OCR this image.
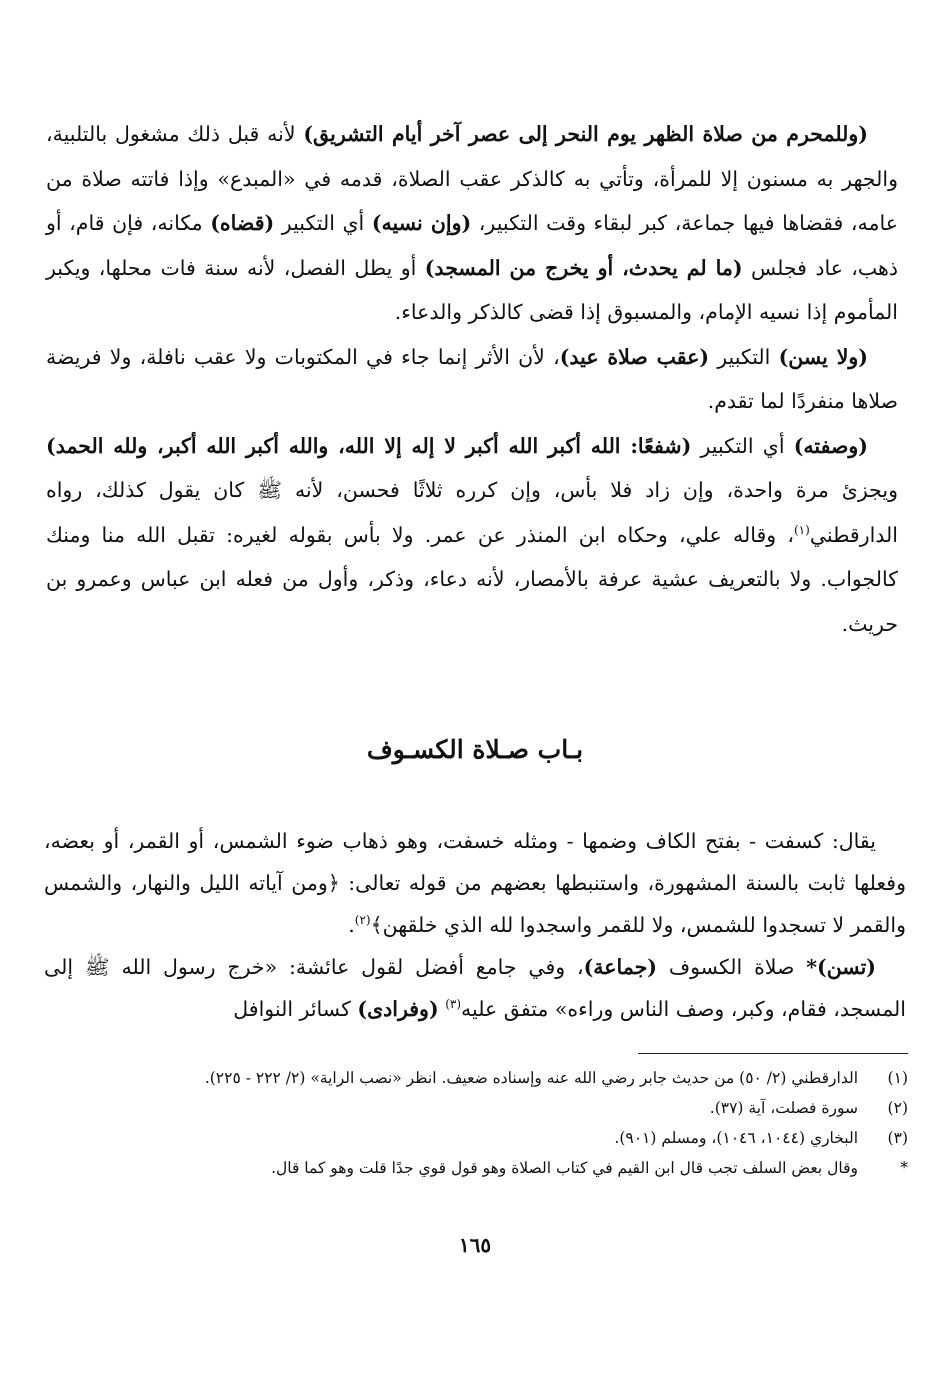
(وللمحرم من صلاة الظهر يوم النحر إلى عصر آخر أيام التشريق) لأنه قبل ذلك مشغول بالتلبية، والجهر به مسنون إلا للمرأة، وتأتي به كالذكر عقب الصلاة، قدمه في «المبدع» وإذا فاتته صلاة من عامه، فقضاها فيها جماعة، كبر لبقاء وقت التكبير، (وإن نسيه) أي التكبير (قضاه) مكانه، فإن قام، أو ذهب، عاد فجلس (ما لم يحدث، أو يخرج من المسجد) أو يطل الفصل، لأنه سنة فات محلها، ويكبر المأموم إذا نسيه الإمام، والمسبوق إذا قضى كالذكر والدعاء.

(ولا يسن) التكبير (عقب صلاة عيد)، لأن الأثر إنما جاء في المكتوبات ولا عقب نافلة، ولا فريضة صلاها منفردًا لما تقدم.

(وصفته) أي التكبير (شفعًا: الله أكبر الله أكبر لا إله إلا الله، والله أكبر الله أكبر، ولله الحمد) ويجزئ مرة واحدة، وإن زاد فلا بأس، وإن كرره ثلاثًا فحسن، لأنه ﷺ كان يقول كذلك، رواه الدارقطني$^{(١)}$، وقاله علي، وحكاه ابن المنذر عن عمر. ولا بأس بقوله لغيره: تقبل الله منا ومنك كالجواب. ولا بالتعريف عشية عرفة بالأمصار، لأنه دعاء، وذكر، وأول من فعله ابن عباس وعمرو بن حريث.

بـاب صـلاة الكسـوف

يقال: كسفت - بفتح الكاف وضمها - ومثله خسفت، وهو ذهاب ضوء الشمس، أو القمر، أو بعضه، وفعلها ثابت بالسنة المشهورة، واستنبطها بعضهم من قوله تعالى: ﴿ومن آياته الليل والنهار، والشمس والقمر لا تسجدوا للشمس، ولا للقمر واسجدوا لله الذي خلقهن﴾$^{(٢)}$.

(تسن)* صلاة الكسوف (جماعة)، وفي جامع أفضل لقول عائشة: «خرج رسول الله ﷺ إلى المسجد، فقام، وكبر، وصف الناس وراءه» متفق عليه$^{(٣)}$ (وفرادى) كسائر النوافل

(١)
الدارقطني (٢/ ٥٠) من حديث جابر رضي الله عنه وإسناده ضعيف. انظر «نصب الراية» (٢/ ٢٢٢ - ٢٢٥).
(٢)
سورة فصلت، آية (٣٧).
(٣)
البخاري (١٠٤٤، ١٠٤٦)، ومسلم (٩٠١).
*
وقال بعض السلف تجب قال ابن القيم في كتاب الصلاة وهو قول قوي جدًا قلت وهو كما قال.
١٦٥
